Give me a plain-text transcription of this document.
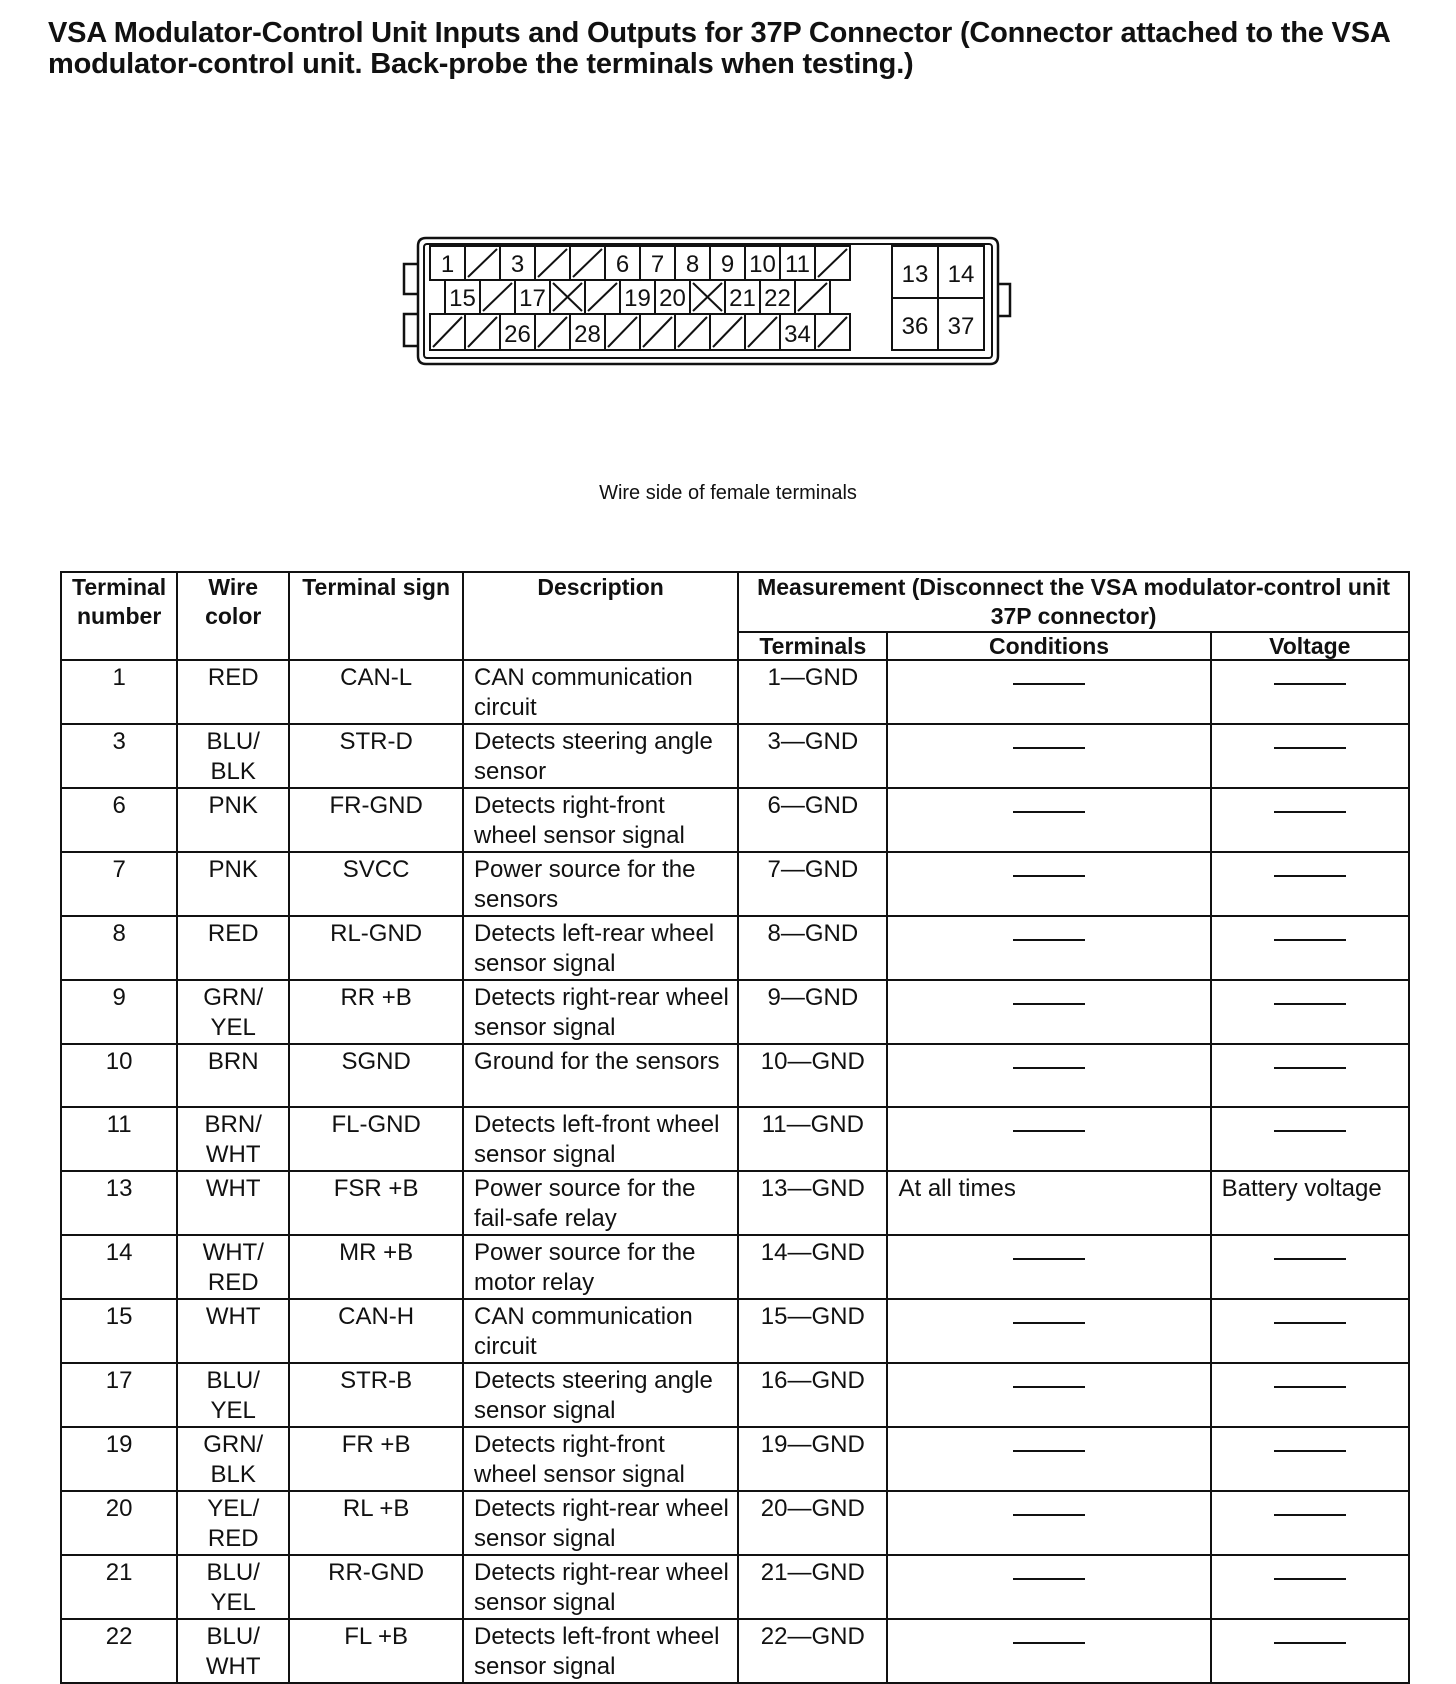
VSA Modulator-Control Unit Inputs and Outputs for 37P Connector (Connector attached to the VSA modulator-control unit. Back-probe the terminals when testing.)
1 3	6 7 8 9 10 11
15 17	19 20 21 22
26 28	34
13 14
36 37
Wire side of female terminals
Terminal number	Wire color	Terminal sign	Description	Measurement (Disconnect the VSA modulator-control unit 37P connector)		
				Terminals	Conditions	Voltage
1	RED	CAN-L	CAN communication circuit	1—GND		
3	BLU/ BLK	STR-D	Detects steering angle sensor	3—GND		
6	PNK	FR-GND	Detects right-front wheel sensor signal	6—GND		
7	PNK	SVCC	Power source for the sensors	7—GND		
8	RED	RL-GND	Detects left-rear wheel sensor signal	8—GND		
9	GRN/ YEL	RR +B	Detects right-rear wheel sensor signal	9—GND		
10	BRN	SGND	Ground for the sensors	10—GND		
11	BRN/ WHT	FL-GND	Detects left-front wheel sensor signal	11—GND		
13	WHT	FSR +B	Power source for the fail-safe relay	13—GND	At all times	Battery voltage
14	WHT/ RED	MR +B	Power source for the motor relay	14—GND		
15	WHT	CAN-H	CAN communication circuit	15—GND		
17	BLU/ YEL	STR-B	Detects steering angle sensor signal	16—GND		
19	GRN/ BLK	FR +B	Detects right-front wheel sensor signal	19—GND		
20	YEL/ RED	RL +B	Detects right-rear wheel sensor signal	20—GND		
21	BLU/ YEL	RR-GND	Detects right-rear wheel sensor signal	21—GND		
22	BLU/ WHT	FL +B	Detects left-front wheel sensor signal	22—GND		
